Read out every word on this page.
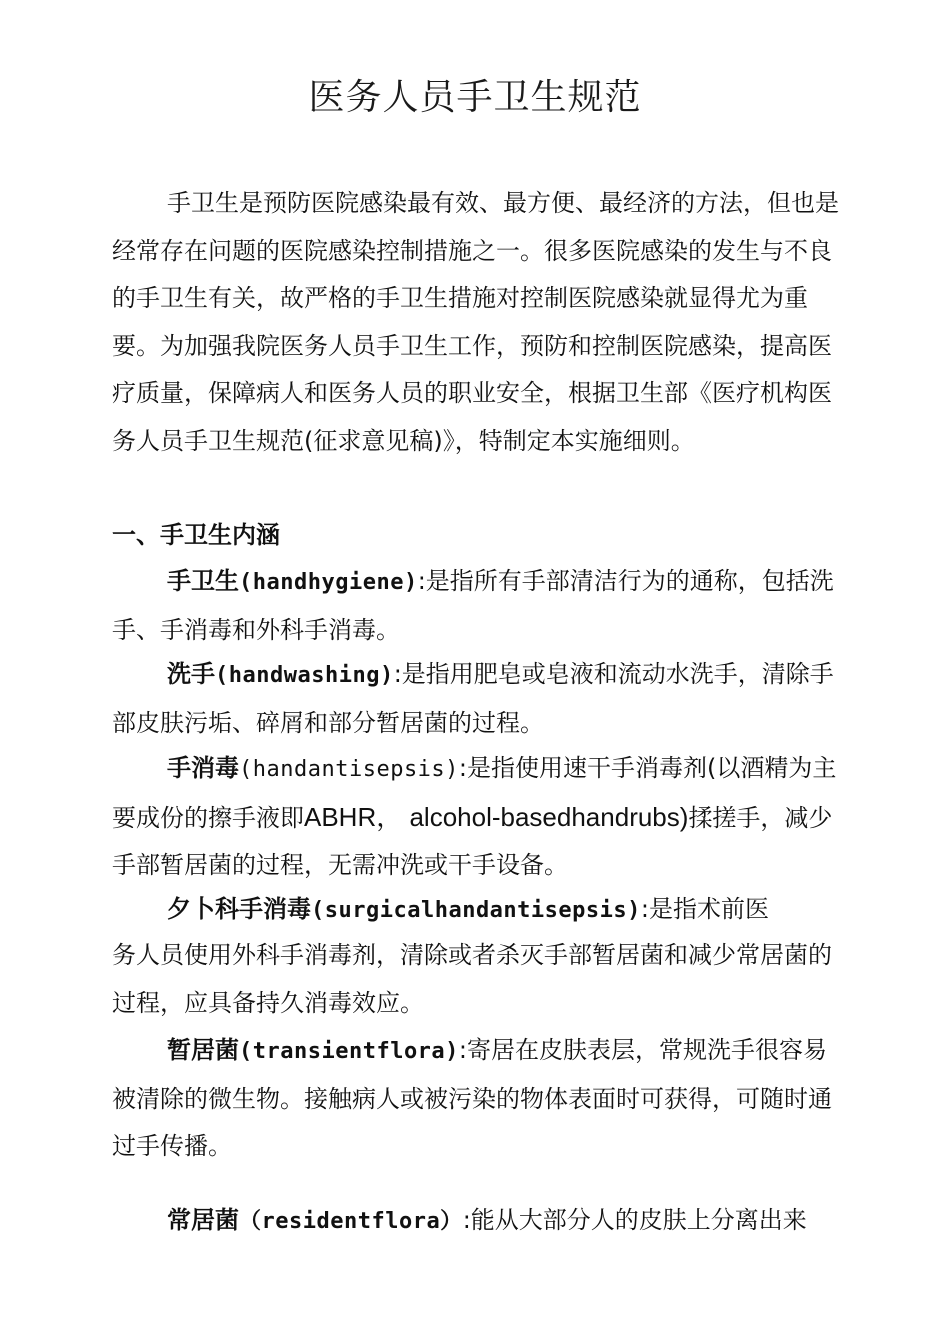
医务人员手卫生规范

手卫生是预防医院感染最有效、最方便、最经济的方法，但也是经常存在问题的医院感染控制措施之一。很多医院感染的发生与不良的手卫生有关，故严格的手卫生措施对控制医院感染就显得尤为重要。为加强我院医务人员手卫生工作，预防和控制医院感染，提高医疗质量，保障病人和医务人员的职业安全，根据卫生部《医疗机构医务人员手卫生规范(征求意见稿)》，特制定本实施细则。

一、手卫生内涵

手卫生(handhygiene):是指所有手部清洁行为的通称，包括洗手、手消毒和外科手消毒。

洗手(handwashing):是指用肥皂或皂液和流动水洗手，清除手部皮肤污垢、碎屑和部分暂居菌的过程。

手消毒(handantisepsis):是指使用速干手消毒剂(以酒精为主要成份的擦手液即ABHR， alcohol-basedhandrubs)揉搓手，减少手部暂居菌的过程，无需冲洗或干手设备。

夕卜科手消毒(surgicalhandantisepsis):是指术前医

务人员使用外科手消毒剂，清除或者杀灭手部暂居菌和减少常居菌的过程，应具备持久消毒效应。

暂居菌(transientflora):寄居在皮肤表层，常规洗手很容易被清除的微生物。接触病人或被污染的物体表面时可获得，可随时通过手传播。

常居菌（residentflora）:能从大部分人的皮肤上分离出来
